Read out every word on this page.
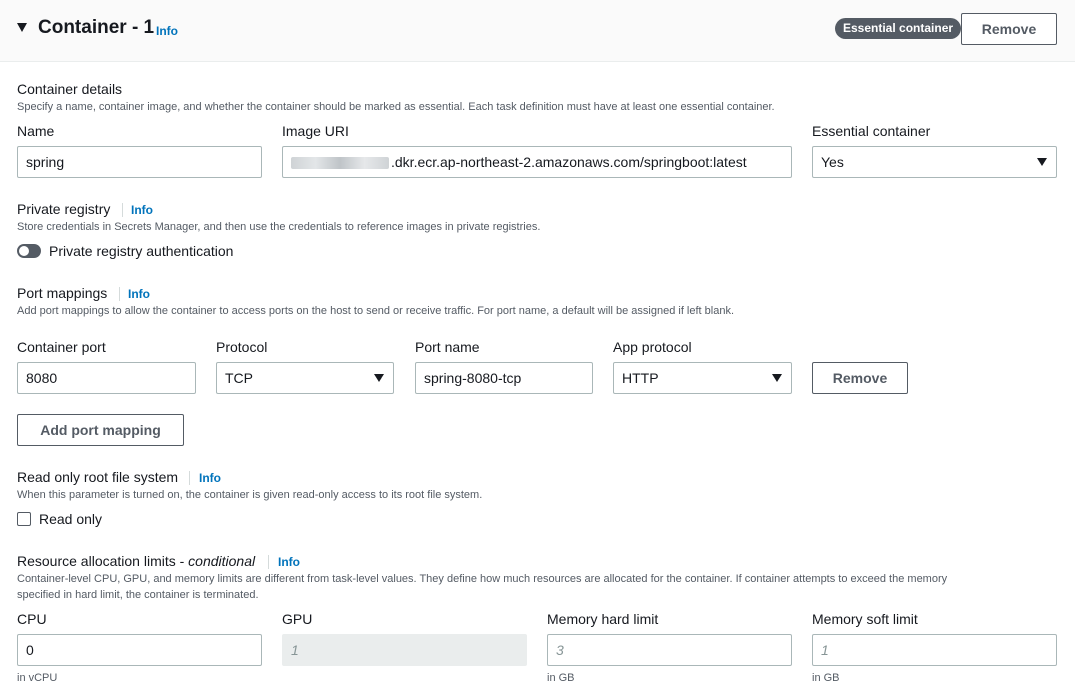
Container - 1 Info	Essential container	Remove
Container details
Specify a name, container image, and whether the container should be marked as essential. Each task definition must have at least one essential container.
Name
spring
Image URI
.dkr.ecr.ap-northeast-2.amazonaws.com/springboot:latest
Essential container
Yes
Private registry Info
Store credentials in Secrets Manager, and then use the credentials to reference images in private registries.
Private registry authentication
Port mappings Info
Add port mappings to allow the container to access ports on the host to send or receive traffic. For port name, a default will be assigned if left blank.
Container port
8080
Protocol
TCP
Port name
spring-8080-tcp
App protocol
HTTP	Remove
Add port mapping
Read only root file system Info
When this parameter is turned on, the container is given read-only access to its root file system.
Read only
Resource allocation limits - conditional Info
Container-level CPU, GPU, and memory limits are different from task-level values. They define how much resources are allocated for the container. If container attempts to exceed the memory
specified in hard limit, the container is terminated.
CPU
0
in vCPU
GPU
1
Memory hard limit
3
in GB
Memory soft limit
1
in GB
